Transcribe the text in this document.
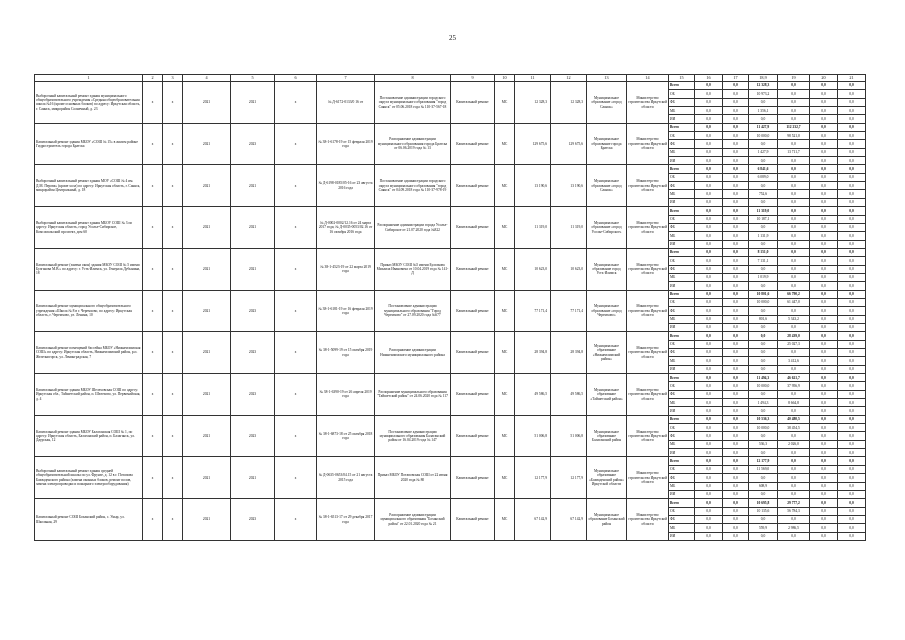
25
1	2	3	4	5	6	7	8	9	10	11	12	13	14	15	16	17	18,9	19	20	21
Выборочный капитальный ремонт здания муниципального общеобразовательного учреждения «Средняя общеобразовательная школа №16 (кроме основных блоков) по адресу: Иркутская область, г. Саянск, микрорайон Солнечный, д. 23	х	х	2021	2021	х	№ Д-6172-0133/0 16 от	Постановление администрации городского округа муниципального образования "город Саянск" от 05.06.2018 года № 110-37-567-18	Капитальный ремонт	МС	12 328,3	12 328,3	Муниципальное образование «город Саянск»	Министерство строительства Иркутской области	Всего	0,0	0,0	12 328,3	0,0	0,0	0,0
														ОБ	0,0	0,0	10 973,2	0,0	0,0	0,0
														ФБ	0,0	0,0	0,0	0,0	0,0	0,0
														МБ	0,0	0,0	1 356,1	0,0	0,0	0,0
														ИИ	0,0	0,0	0,0	0,0	0,0	0,0
Капитальный ремонт здания МБОУ «СОШ № 15» в жилом районе Гидростроитель города Братска	х	х	2021	2023	х	№ 38-1-6178-19 от 15 февраля 2019 года	Распоряжение администрации муниципального образования города Братска от 06.06.2019 года № 13	Капитальный ремонт	МС	129 675,6	129 675,6	Муниципальное образование города Братска	Министерство строительства Иркутской области	Всего	0,0	0,0	11 427,9	112 232,7	0,0	0,0
														ОБ	0,0	0,0	10 000,0	98 521,0	0,0	0,0
														ФБ	0,0	0,0	0,0	0,0	0,0	0,0
														МБ	0,0	0,0	1 427,9	13 711,7	0,0	0,0
														ИИ	0,0	0,0	0,0	0,0	0,0	0,0
Выборочный капитальный ремонт здания МОУ «СОШ № 4 им. Д.М. Перова» (кроме холл) по адресу: Иркутская область, г. Саянск, микрорайон Центральный, д. 18	х	х	2021	2021	х	№ Д-6198-0185/05-16 от 23 августа 2016 года	Постановление администрации городского округа муниципального образования "город Саянск" от 04.09.2018 года № 110-37-978-19	Капитальный ремонт	МС	13 190,6	13 190,6	Муниципальное образование «город Саянск»	Министерство строительства Иркутской области	Всего	0,0	0,0	6 841,6	0,0	0,0	0,0
														ОБ	0,0	0,0	6 089,0	0,0	0,0	0,0
														ФБ	0,0	0,0	0,0	0,0	0,0	0,0
														МБ	0,0	0,0	752,6	0,0	0,0	0,0
														ИИ	0,0	0,0	0,0	0,0	0,0	0,0
Выборочный капитальный ремонт здания МБОУ СОШ № 3 по адресу: Иркутская область, город Усолье-Сибирское, Комсомольский проспект, дом 60	х	х	2021	2021	х	№ Д-0002-0002/12.16 от 24 марта 2017 года; № Д-0035-0053/02.16 от 16 октября 2016 года	Распоряжение администрации города Усолье-Сибирское от 21.07.2020 года №822	Капитальный ремонт	МС	11 319,0	11 319,0	Муниципальное образование «город Усолье-Сибирское»	Министерство строительства Иркутской области	Всего	0,0	0,0	11 319,0	0,0	0,0	0,0
														ОБ	0,0	0,0	10 187,1	0,0	0,0	0,0
														ФБ	0,0	0,0	0,0	0,0	0,0	0,0
														МБ	0,0	0,0	1 131,9	0,0	0,0	0,0
														ИИ	0,0	0,0	0,0	0,0	0,0	0,0
Капитальный ремонт (замена окон) здания МБОУ СОШ № 5 имени Булгакова М.В.» по адресу: г. Усть-Илимск, ул. Генерала Дубынина, 18	х	х	2021	2021	х	№ 38-1-4523-19 от 22 марта 2019 года	Приказ МБОУ СОШ №5 имени Булгакова Михаила Ивановича от 10.04.2019 года № 141-Д	Капитальный ремонт	МС	10 623,0	10 623,0	Муниципальное образование город Усть-Илимск	Министерство строительства Иркутской области	Всего	0,0	0,0	8 151,0	0,0	0,0	0,0
														ОБ	0,0	0,0	7 131,1	0,0	0,0	0,0
														ФБ	0,0	0,0	0,0	0,0	0,0	0,0
														МБ	0,0	0,0	1 019,9	0,0	0,0	0,0
														ИИ	0,0	0,0	0,0	0,0	0,0	0,0
Капитальный ремонт муниципального общеобразовательного учреждения «Школа № 8 в г. Черемхово, по адресу: Иркутская область, г. Черемхово, ул. Ленина, 10	х	х	2021	2023	х	№ 38-1-6181-19 от 16 февраля 2019 года	Постановление администрации муниципального образования "Город Черемхово" от 27.09.2020 года №677	Капитальный ремонт	МС	77 171,4	77 171,4	Муниципальное образование «город Черемхово»	Министерство строительства Иркутской области	Всего	0,0	0,0	10 801,6	66 790,2	0,0	0,0
														ОБ	0,0	0,0	10 000,0	61 447,0	0,0	0,0
														ФБ	0,0	0,0	0,0	0,0	0,0	0,0
														МБ	0,0	0,0	801,6	5 343,2	0,0	0,0
														ИИ	0,0	0,0	0,0	0,0	0,0	0,0
Капитальный ремонт помещений бассейна МБОУ «Нижнеилимская СОШ» по адресу: Иркутская область, Нижнеилимский район, р.п. Железногорск, ул. Ленинградская, 7	х	х	2021	2023	х	№ 38-1-5099-19 от 15 октября 2019 года	Распоряжение администрации Нижнеилимского муниципального района	Капитальный ремонт	МС	28 394,8	28 394,8	Муниципальное образование «Нижнеилимский район»	Министерство строительства Иркутской области	Всего	0,0	0,0	0,0	28 439,0	0,0	0,0
														ОБ	0,0	0,0	0,0	25 027,3	0,0	0,0
														ФБ	0,0	0,0	0,0	0,0	0,0	0,0
														МБ	0,0	0,0	0,0	3 412,6	0,0	0,0
														ИИ	0,0	0,0	0,0	0,0	0,0	0,0
Капитальный ремонт здания МБОУ Шелеховская СОШ по адресу: Иркутская обл., Тайшетский район, п. Шелехово, ул. Первомайская, д. 4	х	х	2021	2023	х	№ 38-1-6390-19 от 26 апреля 2019 года	Распоряжение муниципального образования "Тайшетский район" от 24.06.2020 года № 117	Капитальный ремонт	МС	49 586,5	49 586,5	Муниципальное образование «Тайшетский район»	Министерство строительства Иркутской области	Всего	0,0	0,0	11 494,3	46 621,7	0,0	0,0
														ОБ	0,0	0,0	10 000,0	37 956,9	0,0	0,0
														ФБ	0,0	0,0	0,0	0,0	0,0	0,0
														МБ	0,0	0,0	1 494,3	8 664,8	0,0	0,0
														ИИ	0,0	0,0	0,0	0,0	0,0	0,0
Капитальный ремонт здания МБОУ Балаганская СОШ № 1, по адресу: Иркутская область, Балаганский район, п. Балаганск, ул. Даурская, 12	х	х	2021	2023	х	№ 38-1-6873-18 от 25 октября 2018 года	Постановление администрации муниципального образования Балаганский район от 16.04.2019 года № 147	Капитальный ремонт	МС	51 006,8	51 006,8	Муниципальное образование Балаганский район	Министерство строительства Иркутской области	Всего	0,0	0,0	10 536,3	40 480,5	0,0	0,0
														ОБ	0,0	0,0	10 000,0	38 454,5	0,0	0,0
														ФБ	0,0	0,0	0,0	0,0	0,0	0,0
														МБ	0,0	0,0	536,3	2 026,0	0,0	0,0
														ИИ	0,0	0,0	0,0	0,0	0,0	0,0
Выборочный капитальный ремонт здания средней общеобразовательной школы по ул. Фрунзе, д. 12 в г. Потапова Бахваденского района (замена оконных блоков, ремонт полов, замена электропроводки и пожарного электрооборудования)	х	х	2021	2021	х	№ Д-0635-0653/04.15 от 21 августа 2015 года	Приказ МБОУ Потаповская СОШ от 22 июня 2020 года № 80	Капитальный ремонт	МС	12 177,9	12 177,9	Муниципальное образование «Бахваденский район» Иркутской области	Министерство строительства Иркутской области	Всего	0,0	0,0	12 177,9	0,0	0,0	0,0
														ОБ	0,0	0,0	11 569,0	0,0	0,0	0,0
														ФБ	0,0	0,0	0,0	0,0	0,0	0,0
														МБ	0,0	0,0	608,9	0,0	0,0	0,0
														ИИ	0,0	0,0	0,0	0,0	0,0	0,0
Капитальный ремонт СОШ Боханский район, с. Укыр, ул. Школьная, 29	х	х	2021	2023	х	№ 38-1-6513-17 от 29 декабря 2017 года	Распоряжение администрации муниципального образования "Боханский район" от 22.01.2020 года № 21	Капитальный ремонт	МС	67 142,9	67 142,9	Муниципальное образование Боханский район	Министерство строительства Иркутской области	Всего	0,0	0,0	10 695,8	29 777,2	0,0	0,0
														ОБ	0,0	0,0	10 135,6	56 784,3	0,0	0,0
														ФБ	0,0	0,0	0,0	0,0	0,0	0,0
														МБ	0,0	0,0	559,9	2 986,5	0,0	0,0
														ИИ	0,0	0,0	0,0	0,0	0,0	0,0
